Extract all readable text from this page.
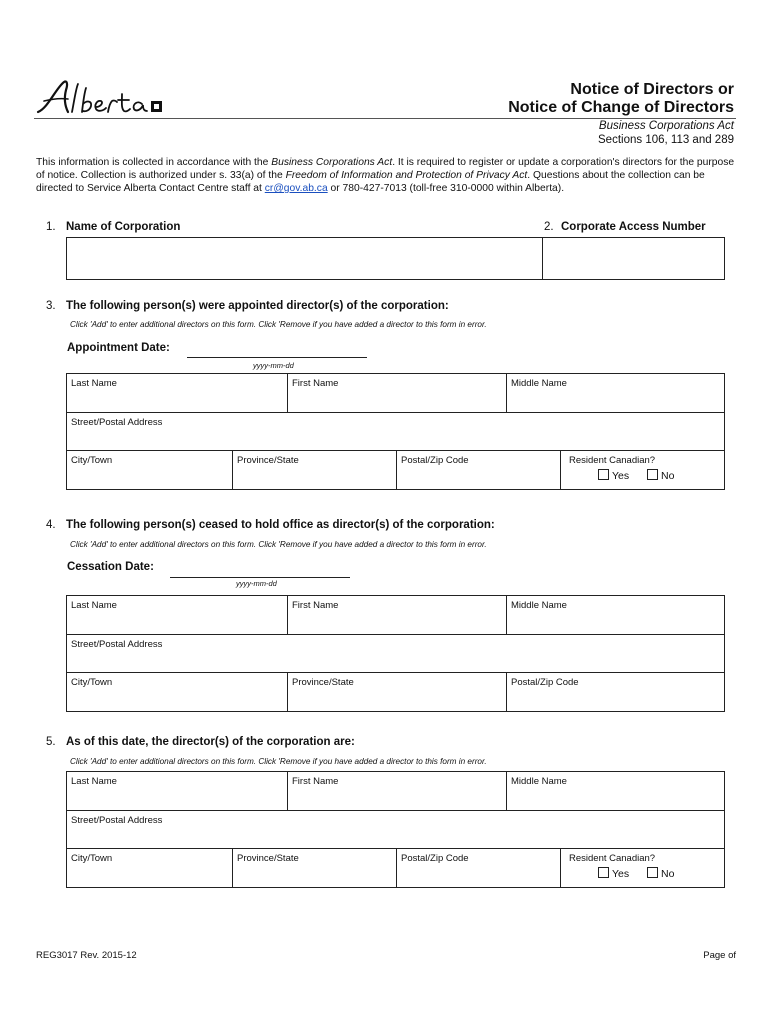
Notice of Directors or
Notice of Change of Directors
Business Corporations Act
Sections 106, 113 and 289
This information is collected in accordance with the Business Corporations Act. It is required to register or update a corporation's directors for the purpose of notice. Collection is authorized under s. 33(a) of the Freedom of Information and Protection of Privacy Act. Questions about the collection can be directed to Service Alberta Contact Centre staff at cr@gov.ab.ca or 780-427-7013 (toll-free 310-0000 within Alberta).
1. Name of Corporation	2. Corporate Access Number
3. The following person(s) were appointed director(s) of the corporation:
Click 'Add' to enter additional directors on this form. Click 'Remove if you have added a director to this form in error.
Appointment Date:
yyyy-mm-dd
Last Name	First Name	Middle Name
Street/Postal Address
City/Town	Province/State	Postal/Zip Code	Resident Canadian?
Yes	No
4. The following person(s) ceased to hold office as director(s) of the corporation:
Click 'Add' to enter additional directors on this form. Click 'Remove if you have added a director to this form in error.
Cessation Date:
yyyy-mm-dd
Last Name	First Name	Middle Name
Street/Postal Address
City/Town	Province/State	Postal/Zip Code
5. As of this date, the director(s) of the corporation are:
Click 'Add' to enter additional directors on this form. Click 'Remove if you have added a director to this form in error.
Last Name	First Name	Middle Name
Street/Postal Address
City/Town	Province/State	Postal/Zip Code	Resident Canadian?
Yes	No
REG3017 Rev. 2015-12	Page of
